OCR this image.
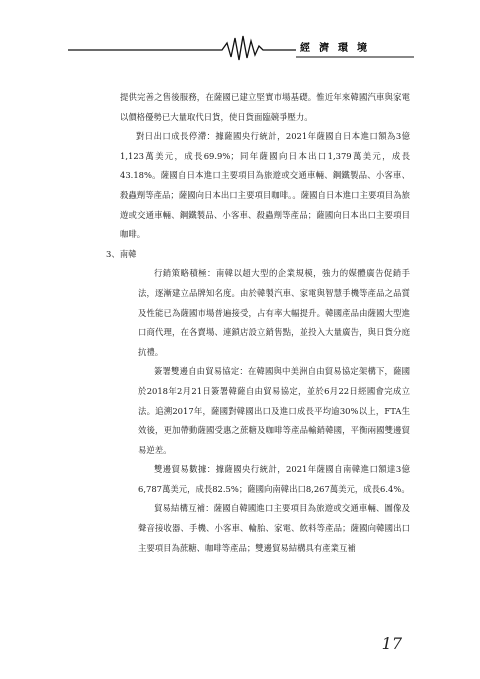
經濟環境

提供完善之售後服務，在薩國已建立堅實市場基礎。惟近年來韓國汽車與家電以價格優勢已大量取代日貨，使日貨面臨競爭壓力。

對日出口成長停滯：據薩國央行統計，2021年薩國自日本進口額為3億1,123萬美元，成長69.9%；同年薩國向日本出口1,379萬美元，成長43.18%。薩國自日本進口主要項目為旅遊或交通車輛、鋼鐵製品、小客車、殺蟲劑等產品；薩國向日本出口主要項目咖啡。。薩國自日本進口主要項目為旅遊或交通車輛、鋼鐵製品、小客車、殺蟲劑等產品；薩國向日本出口主要項目咖啡。

3、南韓

行銷策略積極：南韓以超大型的企業規模，強力的媒體廣告促銷手法，逐漸建立品牌知名度。由於韓製汽車、家電與智慧手機等產品之品質及性能已為薩國市場普遍接受，占有率大幅提升。韓國產品由薩國大型進口商代理，在各賣場、連鎖店設立銷售點，並投入大量廣告，與日貨分庭抗禮。

簽署雙邊自由貿易協定：在韓國與中美洲自由貿易協定架構下，薩國於2018年2月21日簽署韓薩自由貿易協定，並於6月22日經國會完成立法。追溯2017年，薩國對韓國出口及進口成長平均逾30%以上，FTA生效後，更加帶動薩國受惠之蔗糖及咖啡等產品輸銷韓國，平衡兩國雙邊貿易逆差。

雙邊貿易數據：據薩國央行統計，2021年薩國自南韓進口額達3億6,787萬美元，成長82.5%；薩國向南韓出口8,267萬美元，成長6.4%。

貿易結構互補：薩國自韓國進口主要項目為旅遊或交通車輛、圖像及聲音接收器、手機、小客車、輪胎、家電、飲料等產品；薩國向韓國出口主要項目為蔗糖、咖啡等產品；雙邊貿易結構具有產業互補

17
